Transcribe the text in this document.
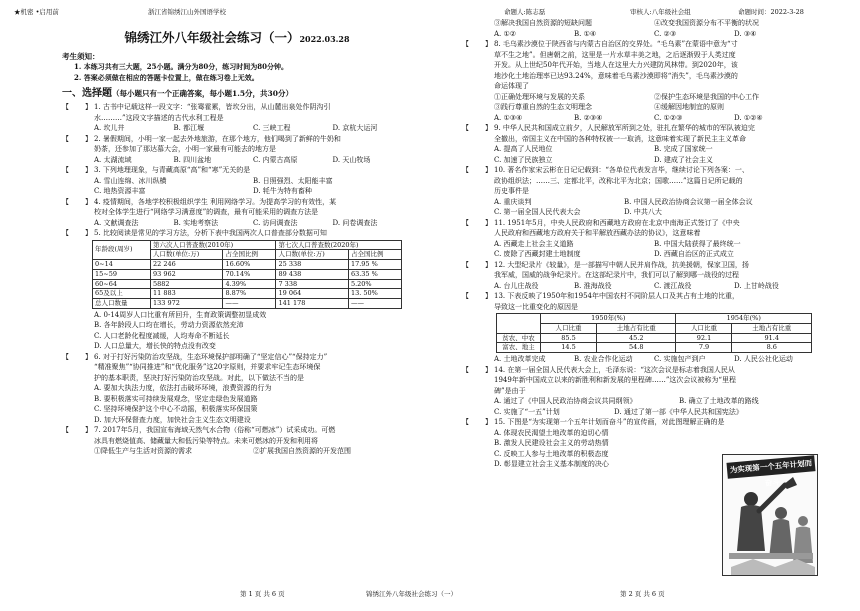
★机密 •启用前	浙江省锦绣江山外国语学校	命题人:陈志磊	审核人:八年级社会组	命题时间：2022-3-28
锦绣江外八年级社会练习（一）2022.03.28
考生须知：
1. 本练习共有三大题，25小题。满分为80分，练习时间为80分钟。
2. 答案必须做在相应的答题卡位置上，做在练习卷上无效。
一、选择题（每小题只有一个正确答案，每小题1.5分，共30分）
1. 古书中记载这样一段文字：“张骞霍累，皆坎分出，从山麓出泉处作阴沟引
水………”这段文字描述的古代水利工程是
A. 坎儿井	B. 都江堰	C. 三峡工程	D. 京杭大运河
2. 暑假期间，小明一家一起去外地旅游，在那个地方，他们喝到了新鲜的牛奶和
奶茶，还参加了那达慕大会，小明一家最有可能去的地方是
A. 太湖流域	B. 四川盆地	C. 内蒙古高原	D. 天山牧场
3. 下列地理现象，与青藏高原“高”和“寒”无关的是
A. 雪山连绵、冰川纵横	B. 日照强烈、太阳能丰富
C. 地热资源丰富	D. 牦牛为特有畜种
4. 疫情期间，各地学校积极组织学生 利用网络学习。为提高学习的有效性，某
校对全体学生进行“网络学习满意度”的调查，最有可能采用的调查方法是
A. 文献调查法	B. 实地考察法	C. 访问调查法	D. 问卷调查法
5. 比较阅读是常见的学习方法，分析下表中我国两次人口普查部分数据可知
年龄段(周岁)	第六次人口普查数(2010年)		第七次人口普查数(2020年)	
	人口数(单位:万)	占全国比例	人口数(单位:万)	占全国比例
0~14	22 246	16.60%	25 338	17.95 %
15~59	93 962	70.14%	89 438	63.35 %
60~64	5882	4.39%	7 338	5.20%
65及以上	11 883	8.87%	19 064	13. 50%
总人口数量	133 972	——	141 178	——
A. 0-14周岁人口比重有所回升，生育政策调整初显成效
B. 各年龄段人口均在增长，劳动力资源依然充沛
C. 人口老龄化程度减缓，人均寿命不断延长
D. 人口总量大，增长快的特点没有改变
6. 对于打好污染防治攻坚战，生态环境保护部明确了“坚定信心”“保持定力”
“精准聚焦”“协同推进”和“优化服务”这20字原则，并要求牢记生态环境保
护的基本职责，坚决打好污染防治攻坚战。对此，以下做法不当的是
A. 要加大执法力度，依法打击破坏环境，浪费资源的行为
B. 要积极落实可持续发展观念，坚定走绿色发展道路
C. 坚持环境保护这个中心不动摇，积极落实环保国策
D. 加大环保督查力度，加快社会主义生态文明建设
7. 2017年5月，我国宣布海域天然气水合物（俗称“可燃冰”）试采成功。可燃
冰具有燃烧值高、储藏量大和低污染等特点。未来可燃冰的开发和利用将
①降低生产与生活对资源的需求	②扩展我国自然资源的开发范围
③解决我国自然资源的短缺问题	④改变我国资源分布不平衡的状况
A. ①②	B. ①④	C. ②③	D. ③④
8. 毛乌素沙漠位于陕西省与内蒙古自治区的交界处。“毛乌素”在蒙语中意为“寸
草不生之地”。但唐朝之前，这里是一片水草丰美之地，之后逐渐毁于人类过度
开发。从上世纪50年代开始，当地人在这里大力兴建防风林带。到2020年，该
地沙化土地治理率已达93.24%，意味着毛乌素沙漠即将“消失”，毛乌素沙漠的
命运体现了
①正确处理环境与发展的关系	②保护生态环境是我国的中心工作
③践行尊重自然的生态文明理念	④缓解因地制宜的原则
A. ①③④	B. ②③④	C. ①②③	D. ①②④
9. 中华人民共和国成立前夕，人民解放军所到之处，驻扎在繁华的城市的军队被迫完
全撤出，帝国主义在中国的各种特权被一一取消，这意味着实现了新民主主义革命
A. 提高了人民地位	B. 完成了国家统一
C. 加速了民族独立	D. 建成了社会主义
10. 著名作家宋云彬在日记记载到：“各单位代表发言毕，继续讨论下列各案：一、
政协组织法；……三、定都北平，改称北平为北京；国歌……”这篇日记所记载的
历史事件是
A. 重庆谈判	B. 中国人民政治协商会议第一届全体会议
C. 第一届全国人民代表大会	D. 中共八大
11. 1951年5月，中央人民政府和西藏地方政府在北京中南海正式签订了《中央
人民政府和西藏地方政府关于和平解放西藏办法的协议》，这意味着
A. 西藏走上社会主义道路	B. 中国大陆获得了最终统一
C. 废除了西藏封建土地制度	D. 西藏自治区的正式成立
12. 大型纪录片《较量》，是一部描写中朝人民并肩作战，抗美援朝，保家卫国，扬
我军威，国威的战争纪录片。在这部纪录片中，我们可以了解到哪一战役的过程
A. 台儿庄战役	B. 淮海战役	C. 渡江战役	D. 上甘岭战役
13. 下表反映了1950年和1954年中国农村不同阶层人口及其占有土地的比重，
导致这一比重变化的原因是
	1950年(%)		1954年(%)	
	人口比重	土地占有比重	人口比重	土地占有比重
贫农、中农	85.5	45.2	92.1	91.4
富农、地主	14.5	54.8	7.9	8.6
A. 土地改革完成	B. 农业合作化运动	C. 实施包产到户	D. 人民公社化运动
14. 在第一届全国人民代表大会上，毛泽东说：“这次会议是标志着我国人民从
1949年新中国成立以来的新胜利和新发展的里程碑……”这次会议被称为“里程
碑”是由于
A. 通过了《中国人民政治协商会议共同纲领》	B. 确立了土地改革的路线
C. 实施了“一五”计划	D. 通过了第一部《中华人民共和国宪法》
15. 下图是“为实现第一个五年计划而奋斗”的宣传画，对此图理解正确的是
A. 体现农民渴望土地改革的迫切心情
B. 激发人民建设社会主义的劳动热情
C. 反映工人参与土地改革的积极态度
D. 彰显建立社会主义基本制度的决心	为实现第一个五年计划而奋斗
第 1 页 共 6 页	锦绣江外八年级社会练习（一）	第 2 页 共 6 页
